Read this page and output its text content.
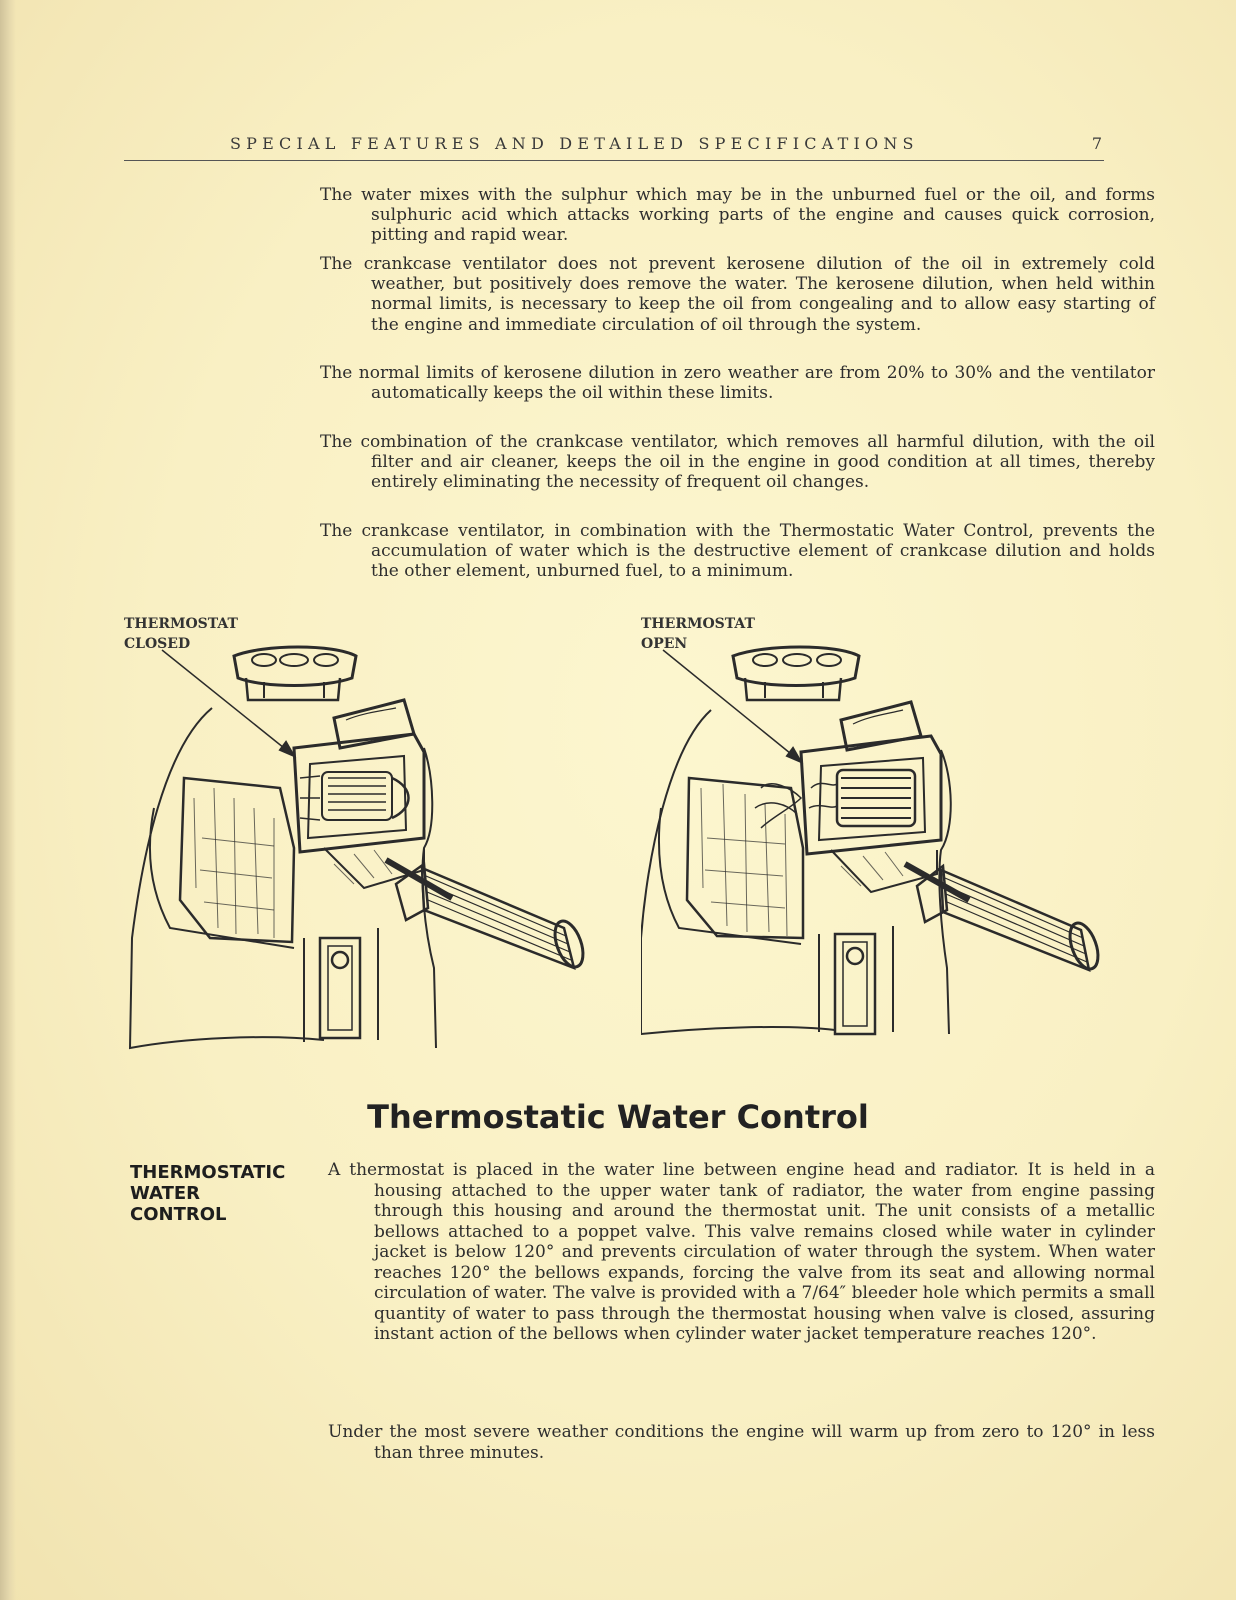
SPECIAL FEATURES AND DETAILED SPECIFICATIONS	7

The water mixes with the sulphur which may be in the unburned fuel or the oil, and forms sulphuric acid which attacks working parts of the engine and causes quick corrosion, pitting and rapid wear.

The crankcase ventilator does not prevent kerosene dilution of the oil in extremely cold weather, but positively does remove the water. The kerosene dilution, when held within normal limits, is necessary to keep the oil from congealing and to allow easy starting of the engine and immediate circulation of oil through the system.

The normal limits of kerosene dilution in zero weather are from 20% to 30% and the ventilator automatically keeps the oil within these limits.

The combination of the crankcase ventilator, which removes all harmful dilution, with the oil filter and air cleaner, keeps the oil in the engine in good condition at all times, thereby entirely eliminating the necessity of frequent oil changes.

The crankcase ventilator, in combination with the Thermostatic Water Control, prevents the accumulation of water which is the destructive element of crankcase dilution and holds the other element, unburned fuel, to a minimum.

THERMOSTAT
CLOSED
THERMOSTAT
OPEN
Thermostatic Water Control
THERMOSTATIC
WATER
CONTROL

A thermostat is placed in the water line between engine head and radiator. It is held in a housing attached to the upper water tank of radiator, the water from engine passing through this housing and around the thermostat unit. The unit consists of a metallic bellows attached to a poppet valve. This valve remains closed while water in cylinder jacket is below 120° and prevents circulation of water through the system. When water reaches 120° the bellows expands, forcing the valve from its seat and allowing normal circulation of water. The valve is provided with a 7/64″ bleeder hole which permits a small quantity of water to pass through the thermostat housing when valve is closed, assuring instant action of the bellows when cylinder water jacket temperature reaches 120°.

Under the most severe weather conditions the engine will warm up from zero to 120° in less than three minutes.
